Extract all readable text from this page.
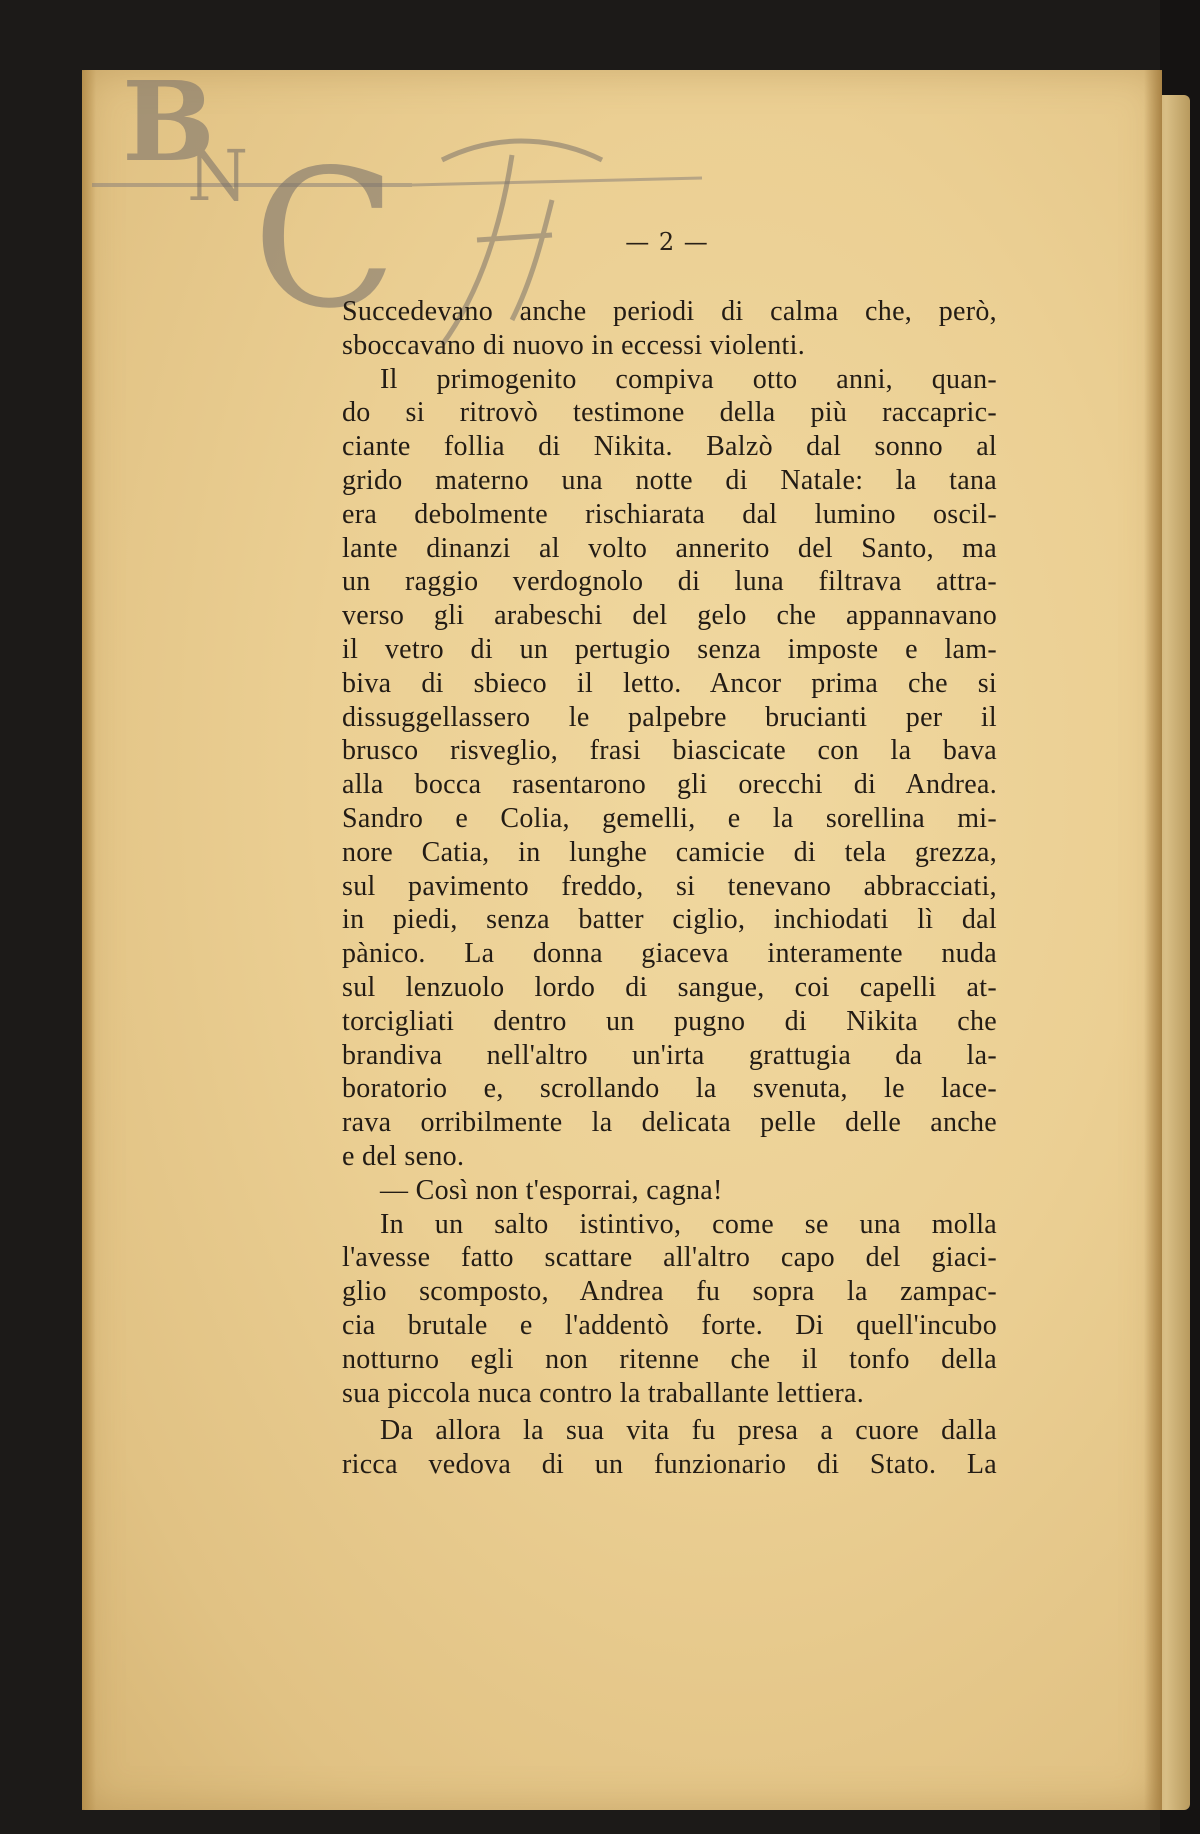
B
N C	— 2 —
Succedevano anche periodi di calma che, però,
sboccavano di nuovo in eccessi violenti.
Il primogenito compiva otto anni, quan-
do si ritrovò testimone della più raccapric-
ciante follia di Nikita. Balzò dal sonno al
grido materno una notte di Natale: la tana
era debolmente rischiarata dal lumino oscil-
lante dinanzi al volto annerito del Santo, ma
un raggio verdognolo di luna filtrava attra-
verso gli arabeschi del gelo che appannavano
il vetro di un pertugio senza imposte e lam-
biva di sbieco il letto. Ancor prima che si
dissuggellassero le palpebre brucianti per il
brusco risveglio, frasi biascicate con la bava
alla bocca rasentarono gli orecchi di Andrea.
Sandro e Colia, gemelli, e la sorellina mi-
nore Catia, in lunghe camicie di tela grezza,
sul pavimento freddo, si tenevano abbracciati,
in piedi, senza batter ciglio, inchiodati lì dal
pànico. La donna giaceva interamente nuda
sul lenzuolo lordo di sangue, coi capelli at-
torcigliati dentro un pugno di Nikita che
brandiva nell'altro un'irta grattugia da la-
boratorio e, scrollando la svenuta, le lace-
rava orribilmente la delicata pelle delle anche
e del seno.
— Così non t'esporrai, cagna!
In un salto istintivo, come se una molla
l'avesse fatto scattare all'altro capo del giaci-
glio scomposto, Andrea fu sopra la zampac-
cia brutale e l'addentò forte. Di quell'incubo
notturno egli non ritenne che il tonfo della
sua piccola nuca contro la traballante lettiera.
Da allora la sua vita fu presa a cuore dalla
ricca vedova di un funzionario di Stato. La
